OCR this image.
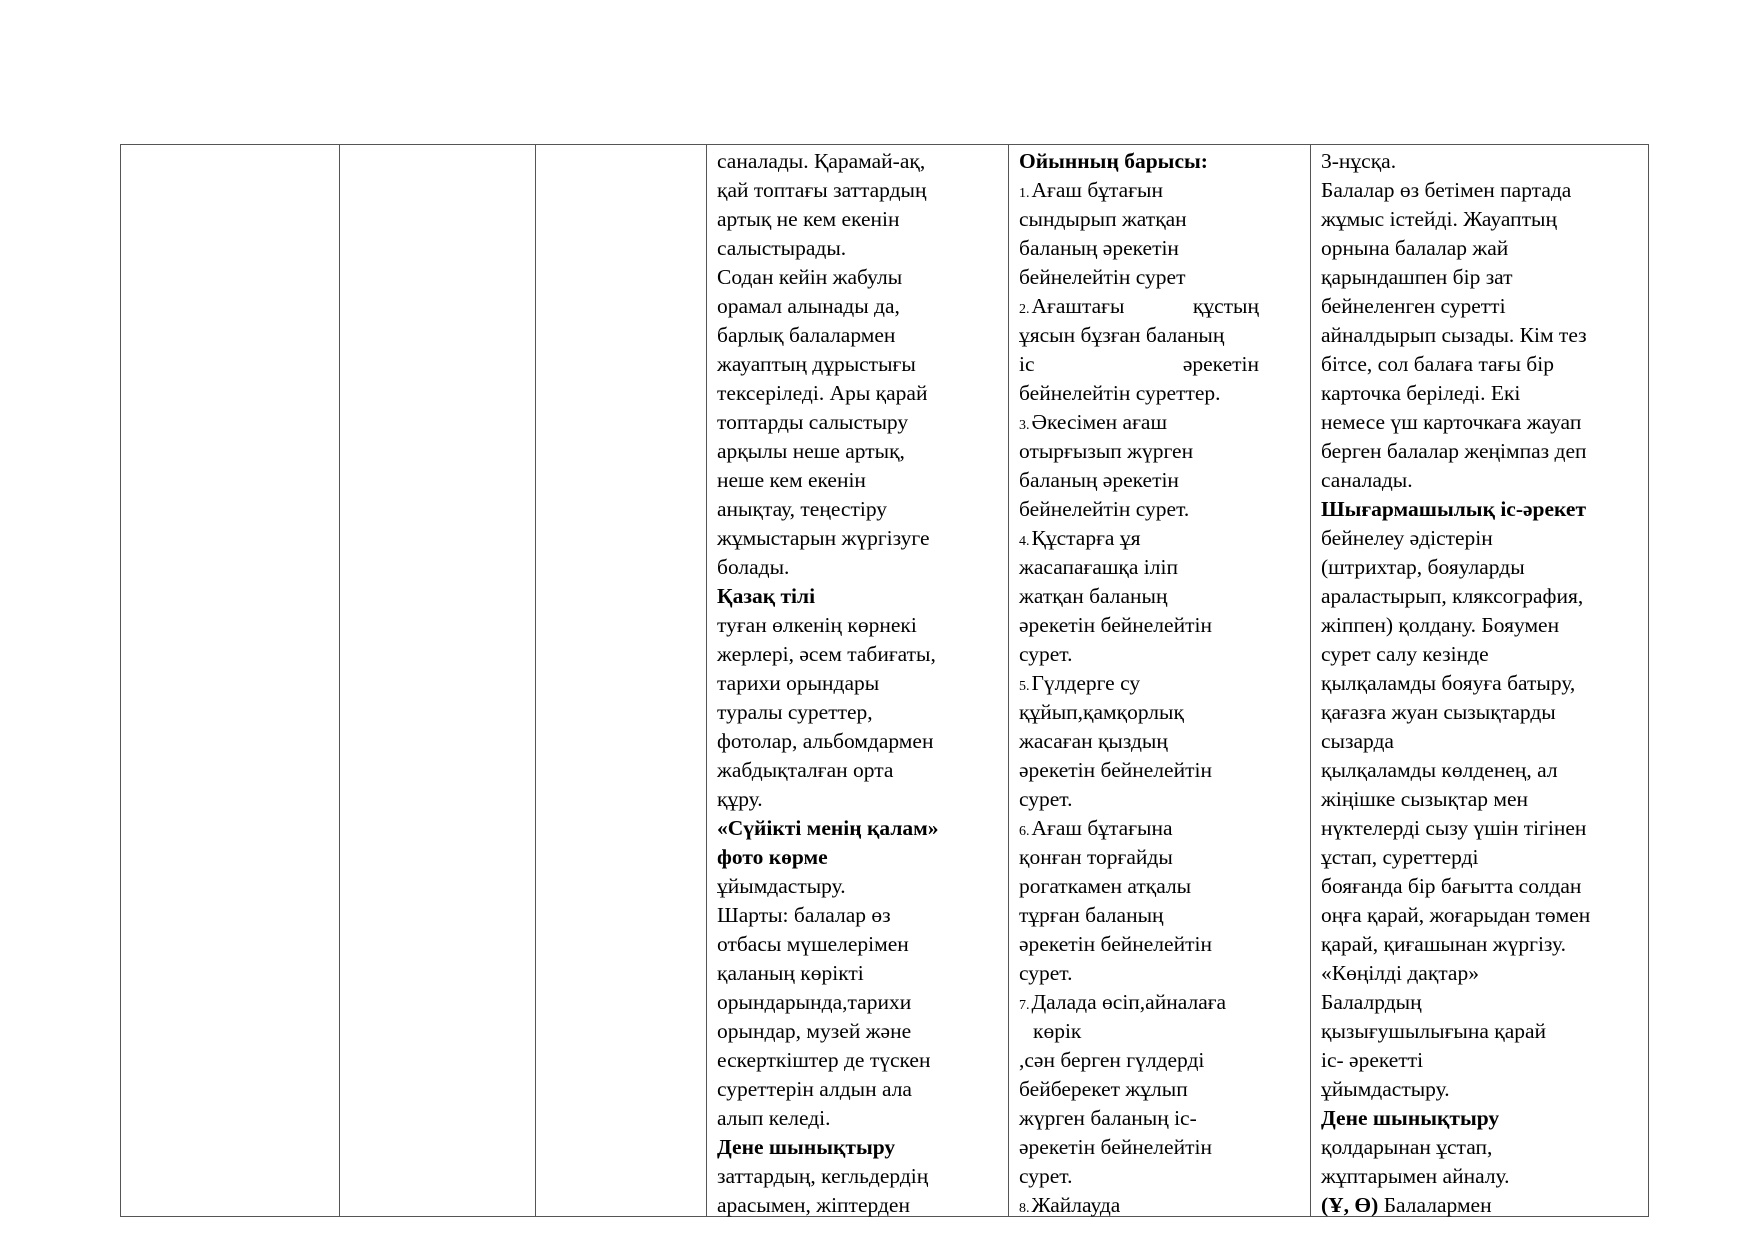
саналады. Қарамай-ақ,
қай топтағы заттардың
артық не кем екенін
салыстырады.
Содан кейін жабулы
орамал алынады да,
барлық балалармен
жауаптың дұрыстығы
тексеріледі. Ары қарай
топтарды салыстыру
арқылы неше артық,
неше кем екенін
анықтау, теңестіру
жұмыстарын жүргізуге
болады.
Қазақ тілі
туған өлкенің көрнекі
жерлері, әсем табиғаты,
тарихи орындары
туралы суреттер,
фотолар, альбомдармен
жабдықталған орта
құру.
«Сүйікті менің қалам»
фото көрме
ұйымдастыру.
Шарты: балалар өз
отбасы мүшелерімен
қаланың көрікті
орындарында,тарихи
орындар, музей және
ескерткіштер де түскен
суреттерін алдын ала
алып келеді.
Дене шынықтыру
заттардың, кегльдердің
арасымен, жіптерден
Ойынның барысы:
1.Ағаш бұтағын
сындырып жатқан
баланың әрекетін
бейнелейтін сурет
2.Ағаштағы	құстың
ұясын бұзған баланың
іс	әрекетін
бейнелейтін суреттер.
3.Әкесімен ағаш
отырғызып жүрген
баланың әрекетін
бейнелейтін сурет.
4.Құстарға ұя
жасапағашқа іліп
жатқан баланың
әрекетін бейнелейтін
сурет.
5.Гүлдерге су
құйып,қамқорлық
жасаған қыздың
әрекетін бейнелейтін
сурет.
6.Ағаш бұтағына
қонған торғайды
рогаткамен атқалы
тұрған баланың
әрекетін бейнелейтін
сурет.
7.Далада өсіп,айналаға
көрік
,сән берген гүлдерді
бейберекет жұлып
жүрген баланың іс-
әрекетін бейнелейтін
сурет.
8.Жайлауда
3-нұсқа.
Балалар өз бетімен партада
жұмыс істейді. Жауаптың
орнына балалар жай
қарындашпен бір зат
бейнеленген суретті
айналдырып сызады. Кім тез
бітсе, сол балаға тағы бір
карточка беріледі. Екі
немесе үш карточкаға жауап
берген балалар жеңімпаз деп
саналады.
Шығармашылық іс-әрекет
бейнелеу әдістерін
(штрихтар, бояуларды
араластырып, кляксография,
жіппен) қолдану. Бояумен
сурет салу кезінде
қылқаламды бояуға батыру,
қағазға жуан сызықтарды
сызарда
қылқаламды көлденең, ал
жіңішке сызықтар мен
нүктелерді сызу үшін тігінен
ұстап, суреттерді
бояғанда бір бағытта солдан
оңға қарай, жоғарыдан төмен
қарай, қиғашынан жүргізу.
«Көңілді дақтар»
Балалрдың
қызығушылығына қарай
іс- әрекетті
ұйымдастыру.
Дене шынықтыру
қолдарынан ұстап,
жұптарымен айналу.
(Ұ, Ө) Балалармен
